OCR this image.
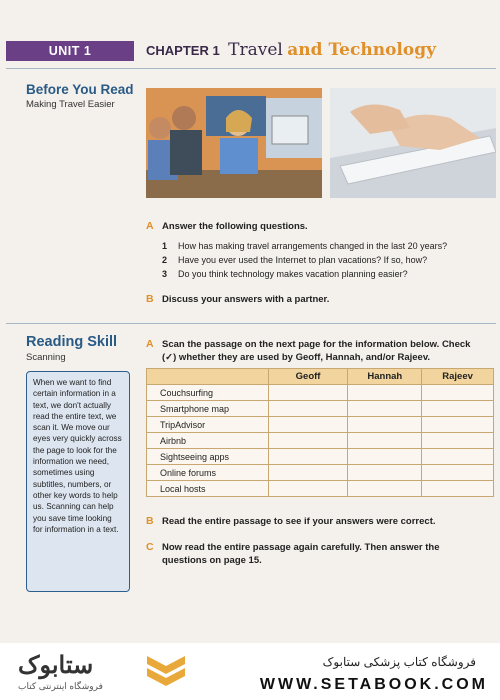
UNIT 1	CHAPTER 1 Travel and Technology
Before You Read
Making Travel Easier
A Answer the following questions.
1 How has making travel arrangements changed in the last 20 years?
2 Have you ever used the Internet to plan vacations? If so, how?
3 Do you think technology makes vacation planning easier?
B Discuss your answers with a partner.
Reading Skill
Scanning
When we want to find certain information in a text, we don't actually read the entire text, we scan it. We move our eyes very quickly across the page to look for the information we need, sometimes using subtitles, numbers, or other key words to help us. Scanning can help you save time looking for information in a text.
A Scan the passage on the next page for the information below. Check
(✓) whether they are used by Geoff, Hannah, and/or Rajeev.
	Geoff	Hannah	Rajeev
Couchsurfing			
Smartphone map			
TripAdvisor			
Airbnb			
Sightseeing apps			
Online forums			
Local hosts			
B Read the entire passage to see if your answers were correct.
C Now read the entire passage again carefully. Then answer the
questions on page 15.
ستابوک
فروشگاه اینترنتی کتاب
فروشگاه کتاب پزشکی ستابوک
WWW.SETABOOK.COM
